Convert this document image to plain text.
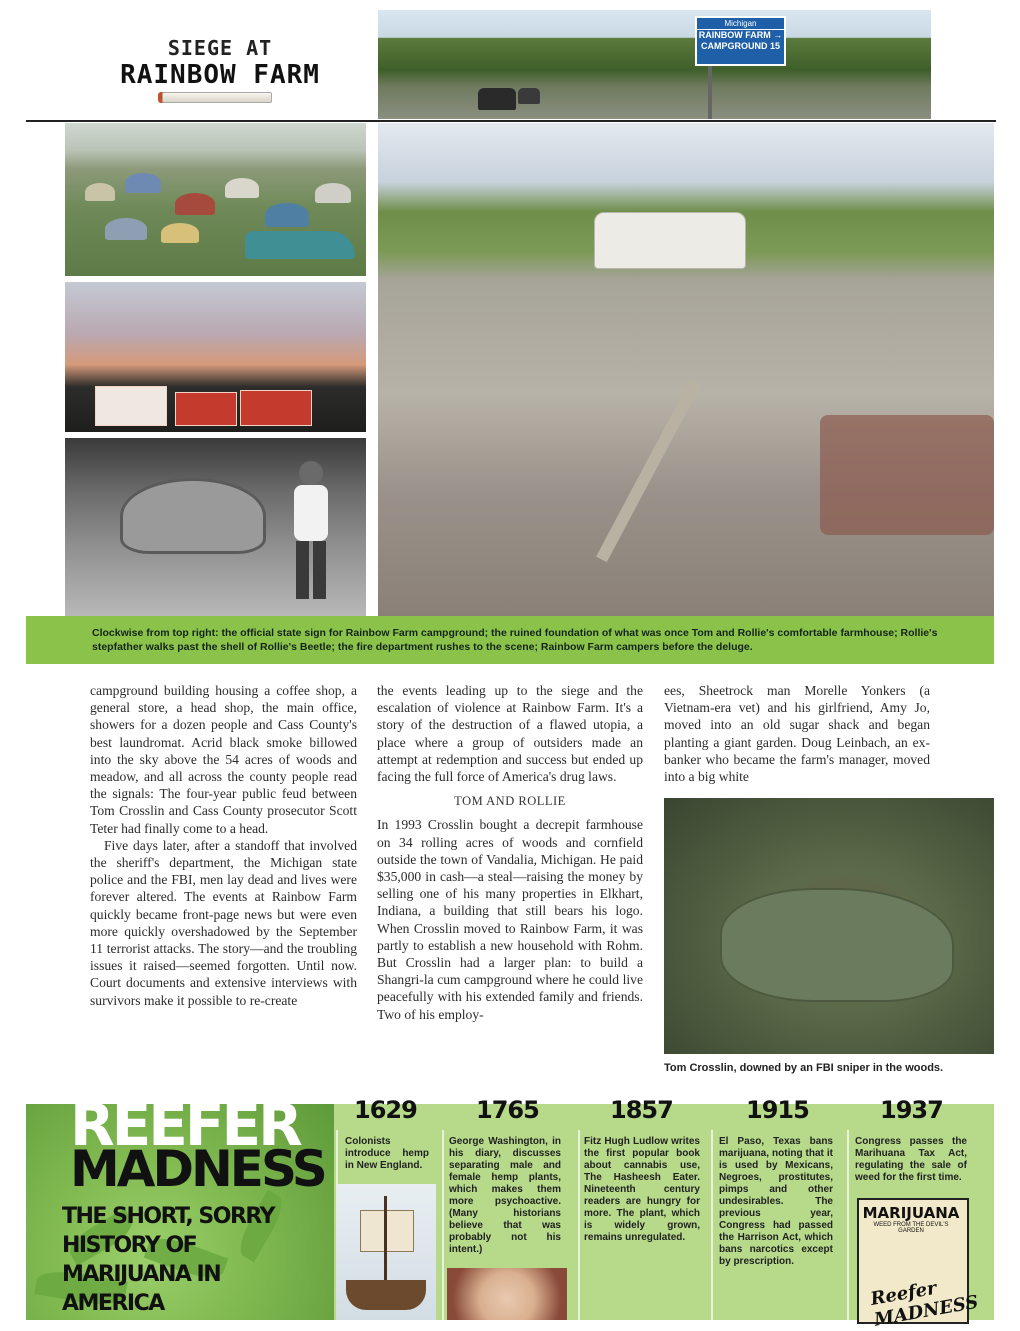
SIEGE AT
RAINBOW FARM
Michigan
RAINBOW FARM →
CAMPGROUND 15
Clockwise from top right: the official state sign for Rainbow Farm campground; the ruined foundation of what was once Tom and Rollie's comfortable farmhouse; Rollie's stepfather walks past the shell of Rollie's Beetle; the fire department rushes to the scene; Rainbow Farm campers before the deluge.

campground building housing a coffee shop, a general store, a head shop, the main office, showers for a dozen people and Cass County's best laundromat. Acrid black smoke billowed into the sky above the 54 acres of woods and meadow, and all across the county people read the signals: The four-year public feud between Tom Crosslin and Cass County prosecutor Scott Teter had finally come to a head.

Five days later, after a standoff that involved the sheriff's department, the Michigan state police and the FBI, men lay dead and lives were forever altered. The events at Rainbow Farm quickly became front-page news but were even more quickly overshadowed by the September 11 terrorist attacks. The story—and the troubling issues it raised—seemed forgotten. Until now. Court documents and extensive interviews with survivors make it possible to re-create

the events leading up to the siege and the escalation of violence at Rainbow Farm. It's a story of the destruction of a flawed utopia, a place where a group of outsiders made an attempt at redemption and success but ended up facing the full force of America's drug laws.

TOM AND ROLLIE

In 1993 Crosslin bought a decrepit farmhouse on 34 rolling acres of woods and cornfield outside the town of Vandalia, Michigan. He paid $35,000 in cash—a steal—raising the money by selling one of his many properties in Elkhart, Indiana, a building that still bears his logo. When Crosslin moved to Rainbow Farm, it was partly to establish a new household with Rohm. But Crosslin had a larger plan: to build a Shangri-la cum campground where he could live peacefully with his extended family and friends. Two of his employ-

ees, Sheetrock man Morelle Yonkers (a Vietnam-era vet) and his girlfriend, Amy Jo, moved into an old sugar shack and began planting a giant garden. Doug Leinbach, an ex-banker who became the farm's manager, moved into a big white

Tom Crosslin, downed by an FBI sniper in the woods.
REEFER
MADNESS
THE SHORT, SORRY HISTORY OF MARIJUANA IN AMERICA
1629
Colonists introduce hemp in New England.
1765
George Washington, in his diary, discusses separating male and female hemp plants, which makes them more psychoactive. (Many historians believe that was probably not his intent.)
1857
Fitz Hugh Ludlow writes the first popular book about cannabis use, The Hasheesh Eater. Nineteenth century readers are hungry for more. The plant, which is widely grown, remains unregulated.
1915
El Paso, Texas bans marijuana, noting that it is used by Mexicans, Negroes, prostitutes, pimps and other undesirables. The previous year, Congress had passed the Harrison Act, which bans narcotics except by prescription.
1937
Congress passes the Marihuana Tax Act, regulating the sale of weed for the first time.
MARIJUANA
WEED FROM THE DEVIL'S GARDEN
Reefer MADNESS
